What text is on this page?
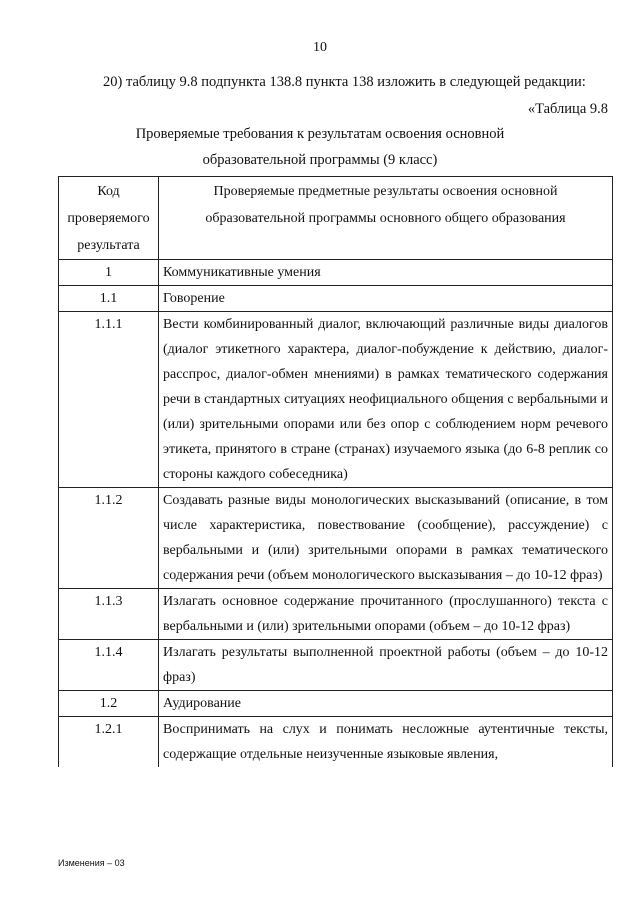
10
20) таблицу 9.8 подпункта 138.8 пункта 138 изложить в следующей редакции:
«Таблица 9.8
Проверяемые требования к результатам освоения основной
образовательной программы (9 класс)
Код проверяемого результата	Проверяемые предметные результаты освоения основной образовательной программы основного общего образования
1	Коммуникативные умения
1.1	Говорение
1.1.1	Вести комбинированный диалог, включающий различные виды диалогов (диалог этикетного характера, диалог-побуждение к действию, диалог-расспрос, диалог-обмен мнениями) в рамках тематического содержания речи в стандартных ситуациях неофициального общения с вербальными и (или) зрительными опорами или без опор с соблюдением норм речевого этикета, принятого в стране (странах) изучаемого языка (до 6-8 реплик со стороны каждого собеседника)
1.1.2	Создавать разные виды монологических высказываний (описание, в том числе характеристика, повествование (сообщение), рассуждение) с вербальными и (или) зрительными опорами в рамках тематического содержания речи (объем монологического высказывания – до 10-12 фраз)
1.1.3	Излагать основное содержание прочитанного (прослушанного) текста с вербальными и (или) зрительными опорами (объем – до 10-12 фраз)
1.1.4	Излагать результаты выполненной проектной работы (объем – до 10-12 фраз)
1.2	Аудирование
1.2.1	Воспринимать на слух и понимать несложные аутентичные тексты, содержащие отдельные неизученные языковые явления,
Изменения – 03
